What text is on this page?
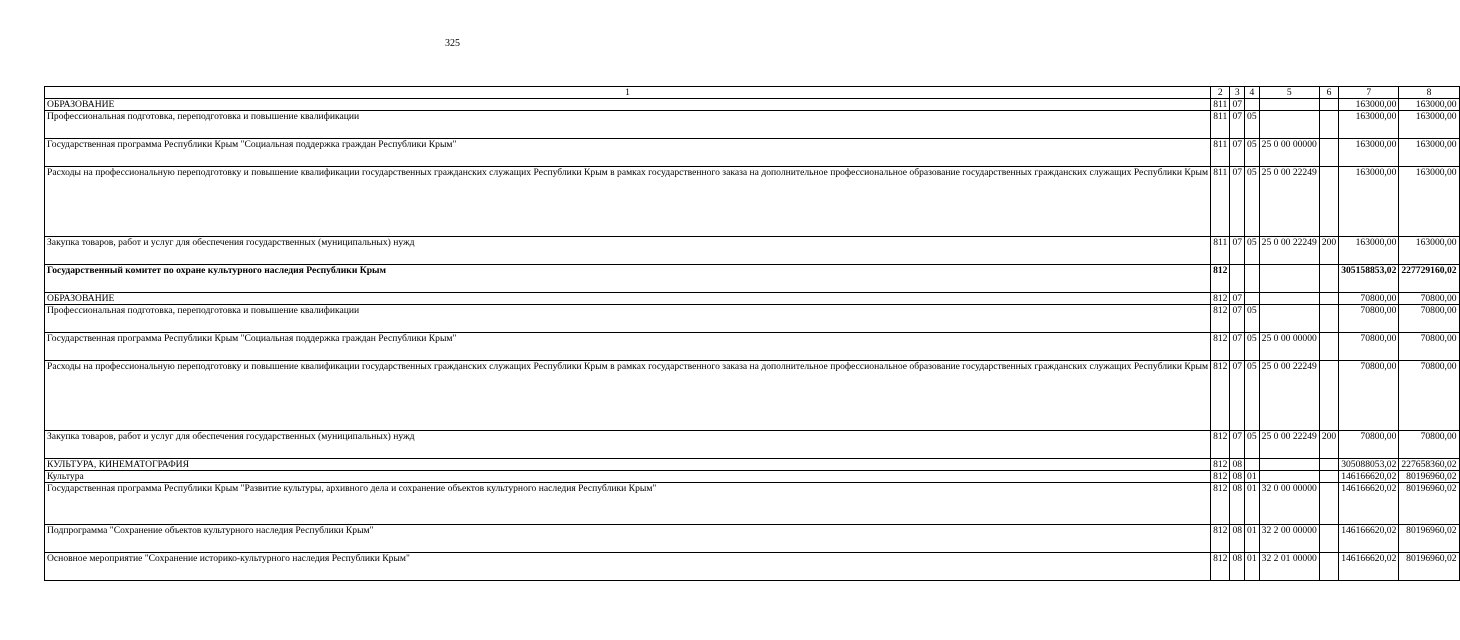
325
1	2	3	4	5	6	7	8
ОБРАЗОВАНИЕ	811	07				163000,00	163000,00
Профессиональная подготовка, переподготовка и повышение квалификации	811	07	05			163000,00	163000,00
Государственная программа Республики Крым "Социальная поддержка граждан Республики Крым"	811	07	05	25 0 00 00000		163000,00	163000,00
Расходы на профессиональную переподготовку и повышение квалификации государственных гражданских служащих Республики Крым в рамках государственного заказа на дополнительное профессиональное образование государственных гражданских служащих Республики Крым	811	07	05	25 0 00 22249		163000,00	163000,00
Закупка товаров, работ и услуг для обеспечения государственных (муниципальных) нужд	811	07	05	25 0 00 22249	200	163000,00	163000,00
Государственный комитет по охране культурного наследия Республики Крым	812					305158853,02	227729160,02
ОБРАЗОВАНИЕ	812	07				70800,00	70800,00
Профессиональная подготовка, переподготовка и повышение квалификации	812	07	05			70800,00	70800,00
Государственная программа Республики Крым "Социальная поддержка граждан Республики Крым"	812	07	05	25 0 00 00000		70800,00	70800,00
Расходы на профессиональную переподготовку и повышение квалификации государственных гражданских служащих Республики Крым в рамках государственного заказа на дополнительное профессиональное образование государственных гражданских служащих Республики Крым	812	07	05	25 0 00 22249		70800,00	70800,00
Закупка товаров, работ и услуг для обеспечения государственных (муниципальных) нужд	812	07	05	25 0 00 22249	200	70800,00	70800,00
КУЛЬТУРА, КИНЕМАТОГРАФИЯ	812	08				305088053,02	227658360,02
Культура	812	08	01			146166620,02	80196960,02
Государственная программа Республики Крым "Развитие культуры, архивного дела и сохранение объектов культурного наследия Республики Крым"	812	08	01	32 0 00 00000		146166620,02	80196960,02
Подпрограмма "Сохранение объектов культурного наследия Республики Крым"	812	08	01	32 2 00 00000		146166620,02	80196960,02
Основное мероприятие "Сохранение историко-культурного наследия Республики Крым"	812	08	01	32 2 01 00000		146166620,02	80196960,02
